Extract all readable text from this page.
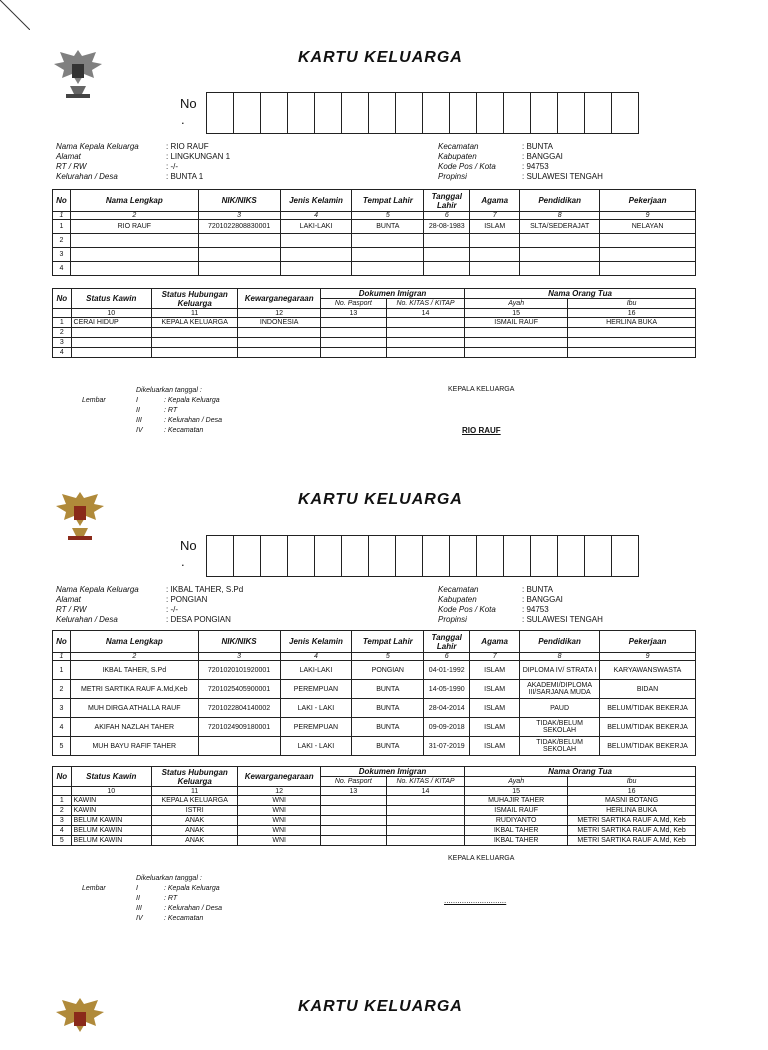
KARTU KELUARGA
No
.
Nama Kepala Keluarga	: RIO RAUF
Alamat	: LINGKUNGAN 1
RT / RW	: -/-
Kelurahan / Desa	: BUNTA 1
Kecamatan	: BUNTA
Kabupaten	: BANGGAI
Kode Pos / Kota	: 94753
Propinsi	: SULAWESI TENGAH
No	Nama Lengkap	NIK/NIKS	Jenis Kelamin	Tempat Lahir	Tanggal Lahir	Agama	Pendidikan	Pekerjaan
1	2	3	4	5	6	7	8	9
1	RIO RAUF	7201022808830001	LAKI-LAKI	BUNTA	28-08-1983	ISLAM	SLTA/SEDERAJAT	NELAYAN
2								
3								
4								
No	Status Kawin	Status Hubungan Keluarga	Kewarganegaraan	Dokumen Imigran		Nama Orang Tua	
				No. Pasport	No. KITAS / KITAP	Ayah	Ibu
	10	11	12	13	14	15	16
1	CERAI HIDUP	KEPALA KELUARGA	INDONESIA			ISMAIL RAUF	HERLINA BUKA
2							
3							
4							
Dikeluarkan tanggal :
Lembar	I	: Kepala Keluarga
II	: RT
III	: Kelurahan / Desa
IV	: Kecamatan
KEPALA KELUARGA
RIO RAUF
KARTU KELUARGA
No
.
Nama Kepala Keluarga	: IKBAL TAHER, S.Pd
Alamat	: PONGIAN
RT / RW	: -/-
Kelurahan / Desa	: DESA PONGIAN
Kecamatan	: BUNTA
Kabupaten	: BANGGAI
Kode Pos / Kota	: 94753
Propinsi	: SULAWESI TENGAH
No	Nama Lengkap	NIK/NIKS	Jenis Kelamin	Tempat Lahir	Tanggal Lahir	Agama	Pendidikan	Pekerjaan
1	2	3	4	5	6	7	8	9
1	IKBAL TAHER, S.Pd	7201020101920001	LAKI-LAKI	PONGIAN	04-01-1992	ISLAM	DIPLOMA IV/ STRATA I	KARYAWANSWASTA
2	METRI SARTIKA RAUF A.Md,Keb	7201025405900001	PEREMPUAN	BUNTA	14-05-1990	ISLAM	AKADEMI/DIPLOMA III/SARJANA MUDA	BIDAN
3	MUH DIRGA ATHALLA RAUF	7201022804140002	LAKI - LAKI	BUNTA	28-04-2014	ISLAM	PAUD	BELUM/TIDAK BEKERJA
4	AKIFAH NAZLAH TAHER	7201024909180001	PEREMPUAN	BUNTA	09-09-2018	ISLAM	TIDAK/BELUM SEKOLAH	BELUM/TIDAK BEKERJA
5	MUH BAYU RAFIF TAHER		LAKI - LAKI	BUNTA	31-07-2019	ISLAM	TIDAK/BELUM SEKOLAH	BELUM/TIDAK BEKERJA
No	Status Kawin	Status Hubungan Keluarga	Kewarganegaraan	Dokumen Imigran		Nama Orang Tua	
				No. Pasport	No. KITAS / KITAP	Ayah	Ibu
	10	11	12	13	14	15	16
1	KAWIN	KEPALA KELUARGA	WNI			MUHAJIR TAHER	MASNI BOTANG
2	KAWIN	ISTRI	WNI			ISMAIL RAUF	HERLINA BUKA
3	BELUM KAWIN	ANAK	WNI			RUDIYANTO	METRI SARTIKA RAUF A.Md, Keb
4	BELUM KAWIN	ANAK	WNI			IKBAL TAHER	METRI SARTIKA RAUF A.Md, Keb
5	BELUM KAWIN	ANAK	WNI			IKBAL TAHER	METRI SARTIKA RAUF A.Md, Keb
KEPALA KELUARGA
Dikeluarkan tanggal :
Lembar	I	: Kepala Keluarga
II	: RT
III	: Kelurahan / Desa
IV	: Kecamatan
............................
KARTU KELUARGA
